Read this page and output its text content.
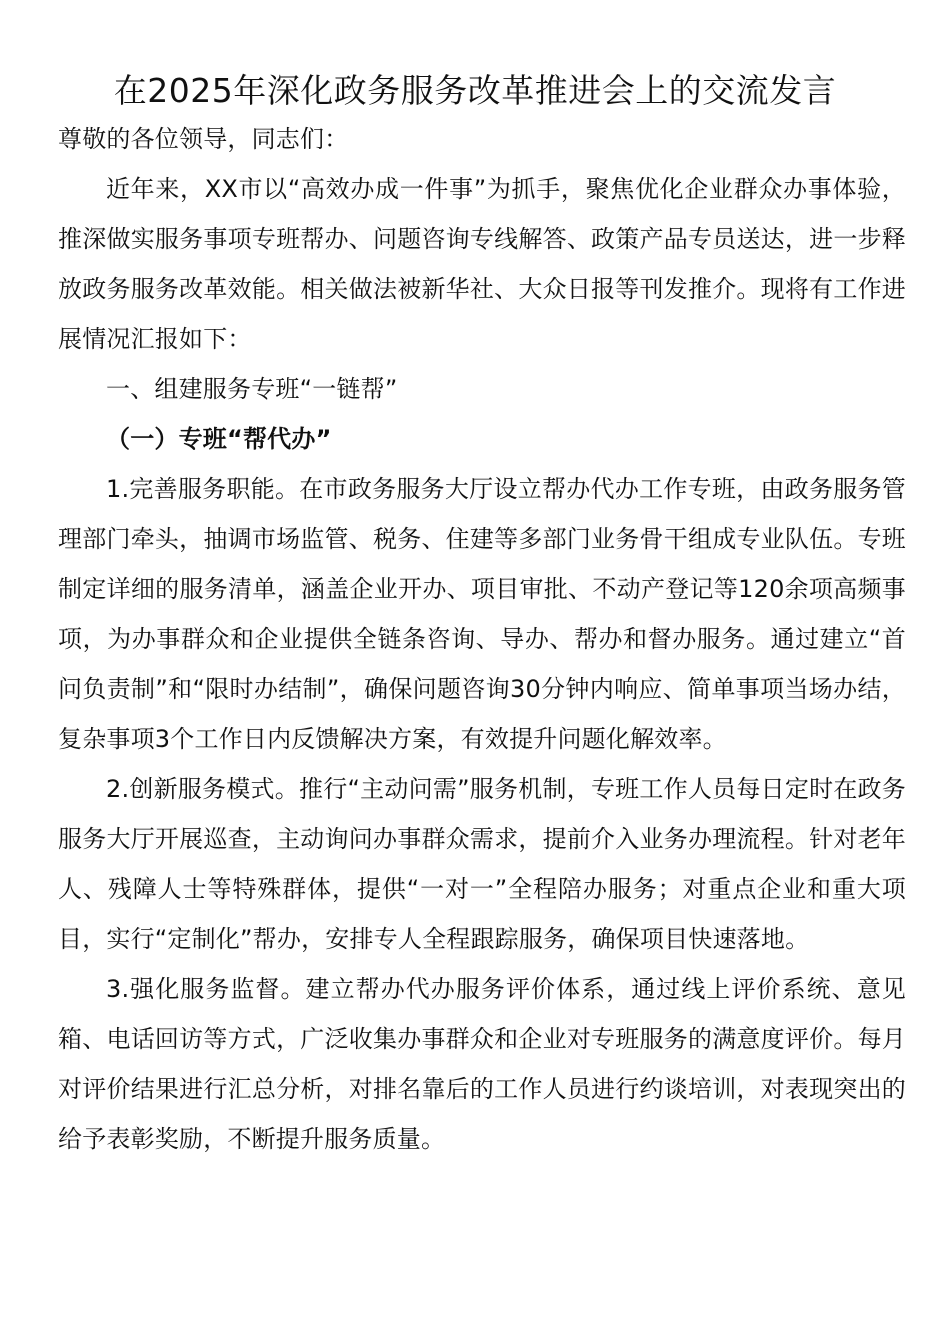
在2025年深化政务服务改革推进会上的交流发言

尊敬的各位领导，同志们：

近年来，XX市以“高效办成一件事”为抓手，聚焦优化企业群众办事体验，推深做实服务事项专班帮办、问题咨询专线解答、政策产品专员送达，进一步释放政务服务改革效能。相关做法被新华社、大众日报等刊发推介。现将有工作进展情况汇报如下：

一、组建服务专班“一链帮”

（一）专班“帮代办”

1.完善服务职能。在市政务服务大厅设立帮办代办工作专班，由政务服务管理部门牵头，抽调市场监管、税务、住建等多部门业务骨干组成专业队伍。专班制定详细的服务清单，涵盖企业开办、项目审批、不动产登记等120余项高频事项，为办事群众和企业提供全链条咨询、导办、帮办和督办服务。通过建立“首问负责制”和“限时办结制”，确保问题咨询30分钟内响应、简单事项当场办结，复杂事项3个工作日内反馈解决方案，有效提升问题化解效率。

2.创新服务模式。推行“主动问需”服务机制，专班工作人员每日定时在政务服务大厅开展巡查，主动询问办事群众需求，提前介入业务办理流程。针对老年人、残障人士等特殊群体，提供“一对一”全程陪办服务；对重点企业和重大项目，实行“定制化”帮办，安排专人全程跟踪服务，确保项目快速落地。

3.强化服务监督。建立帮办代办服务评价体系，通过线上评价系统、意见箱、电话回访等方式，广泛收集办事群众和企业对专班服务的满意度评价。每月对评价结果进行汇总分析，对排名靠后的工作人员进行约谈培训，对表现突出的给予表彰奖励，不断提升服务质量。
